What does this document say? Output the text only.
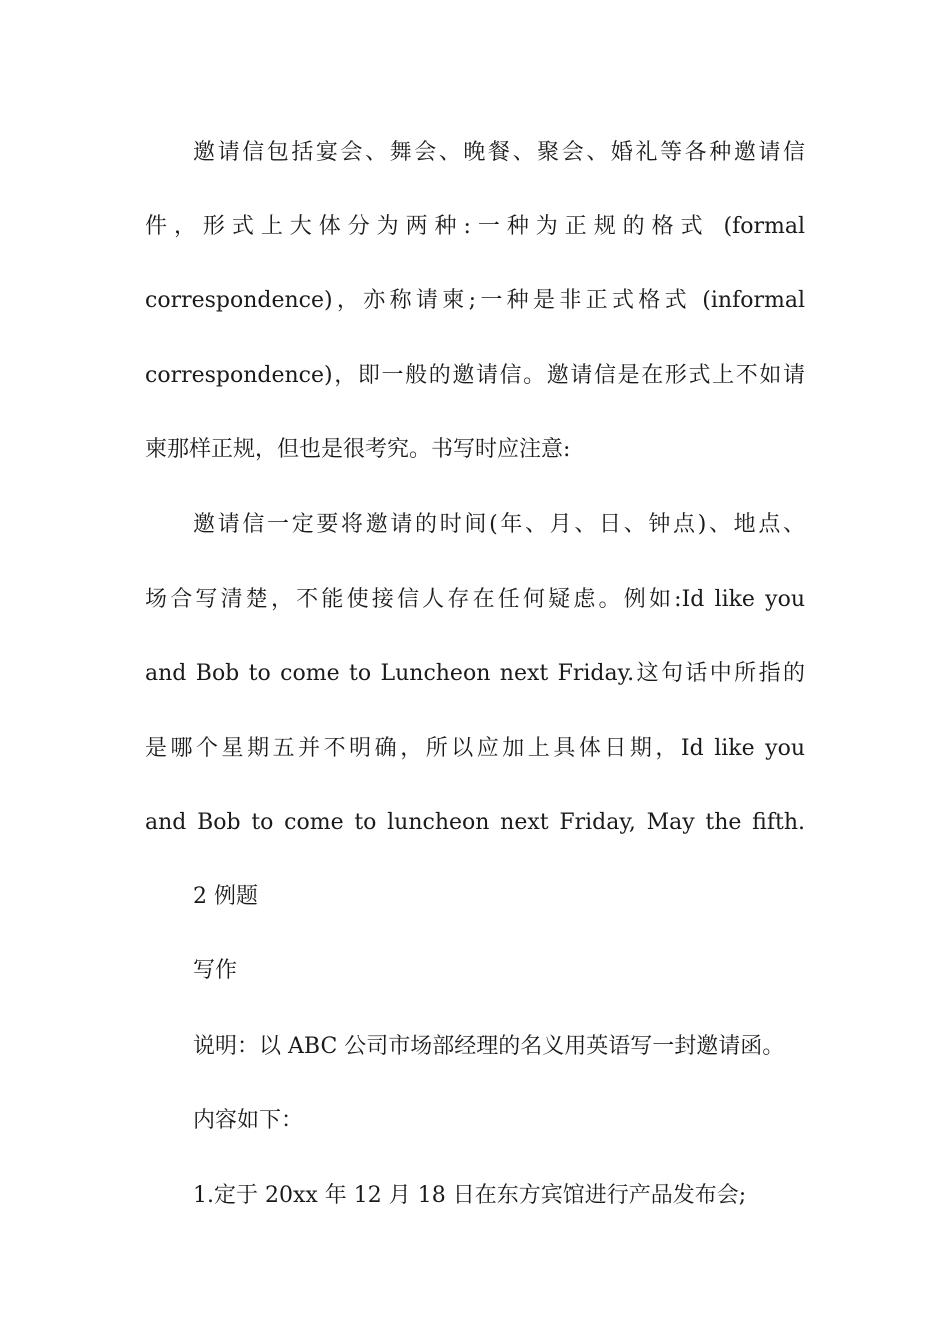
邀请信包括宴会、舞会、晚餐、聚会、婚礼等各种邀请信
件，形式上大体分为两种:一种为正规的格式 (formal
correspondence)，亦称请柬;一种是非正式格式 (informal
correspondence)，即一般的邀请信。邀请信是在形式上不如请
柬那样正规，但也是很考究。书写时应注意:
邀请信一定要将邀请的时间(年、月、日、钟点)、地点、
场合写清楚，不能使接信人存在任何疑虑。例如:Id like you
and Bob to come to Luncheon next Friday.这句话中所指的
是哪个星期五并不明确，所以应加上具体日期，Id like you
and Bob to come to luncheon next Friday, May the fifth.
2 例题
写作
说明：以 ABC 公司市场部经理的名义用英语写一封邀请函。
内容如下：
1.定于 20xx 年 12 月 18 日在东方宾馆进行产品发布会;
